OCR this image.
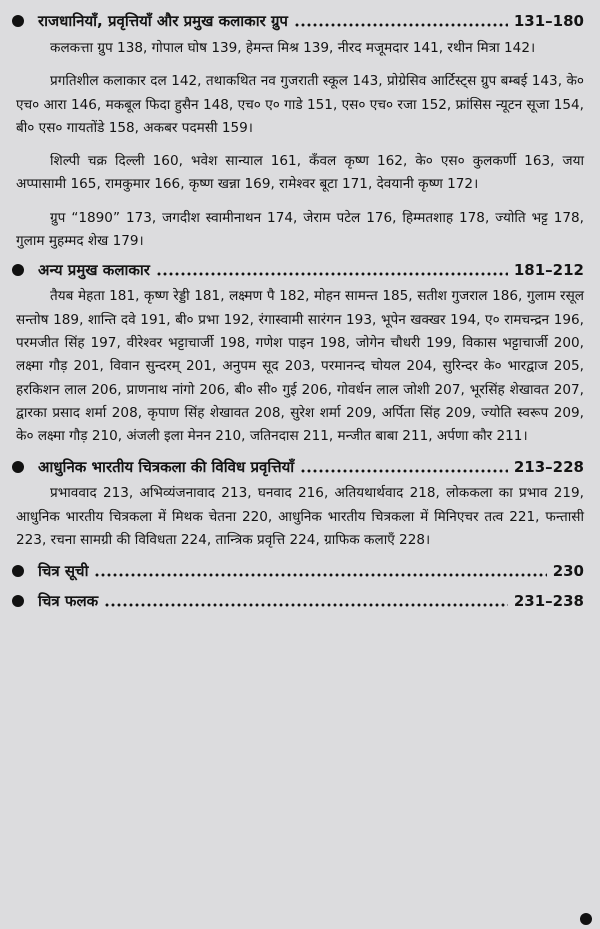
राजधानियाँ, प्रवृत्तियाँ और प्रमुख कलाकार ग्रुप	131–180

कलकत्ता ग्रुप 138, गोपाल घोष 139, हेमन्त मिश्र 139, नीरद मजूमदार 141, रथीन मित्रा 142।

प्रगतिशील कलाकार दल 142, तथाकथित नव गुजराती स्कूल 143, प्रोग्रेसिव आर्टिस्ट्स ग्रुप बम्बई 143, के० एच० आरा 146, मकबूल फिदा हुसैन 148, एच० ए० गाडे 151, एस० एच० रजा 152, फ्रांसिस न्यूटन सूजा 154, बी० एस० गायतोंडे 158, अकबर पदमसी 159।

शिल्पी चक्र दिल्ली 160, भवेश सान्याल 161, कँवल कृष्ण 162, के० एस० कुलकर्णी 163, जया अप्पासामी 165, रामकुमार 166, कृष्ण खन्ना 169, रामेश्वर बूटा 171, देवयानी कृष्ण 172।

ग्रुप “1890” 173, जगदीश स्वामीनाथन 174, जेराम पटेल 176, हिम्मतशाह 178, ज्योति भट्ट 178, गुलाम मुहम्मद शेख 179।

अन्य प्रमुख कलाकार	181–212

तैयब मेहता 181, कृष्ण रेड्डी 181, लक्ष्मण पै 182, मोहन सामन्त 185, सतीश गुजराल 186, गुलाम रसूल सन्तोष 189, शान्ति दवे 191, बी० प्रभा 192, रंगास्वामी सारंगन 193, भूपेन खक्खर 194, ए० रामचन्द्रन 196, परमजीत सिंह 197, वीरेश्वर भट्टाचार्जी 198, गणेश पाइन 198, जोगेन चौधरी 199, विकास भट्टाचार्जी 200, लक्ष्मा गौड़ 201, विवान सुन्दरम् 201, अनुपम सूद 203, परमानन्द चोयल 204, सुरिन्दर के० भारद्वाज 205, हरकिशन लाल 206, प्राणनाथ नांगो 206, बी० सी० गुई 206, गोवर्धन लाल जोशी 207, भूरसिंह शेखावत 207, द्वारका प्रसाद शर्मा 208, कृपाण सिंह शेखावत 208, सुरेश शर्मा 209, अर्पिता सिंह 209, ज्योति स्वरूप 209, के० लक्ष्मा गौड़ 210, अंजली इला मेनन 210, जतिनदास 211, मन्जीत बाबा 211, अर्पणा कौर 211।

आधुनिक भारतीय चित्रकला की विविध प्रवृत्तियाँ	213–228

प्रभाववाद 213, अभिव्यंजनावाद 213, घनवाद 216, अतियथार्थवाद 218, लोककला का प्रभाव 219, आधुनिक भारतीय चित्रकला में मिथक चेतना 220, आधुनिक भारतीय चित्रकला में मिनिएचर तत्व 221, फन्तासी 223, रचना सामग्री की विविधता 224, तान्त्रिक प्रवृत्ति 224, ग्राफिक कलाएँ 228।

चित्र सूची	230
चित्र फलक	231–238
